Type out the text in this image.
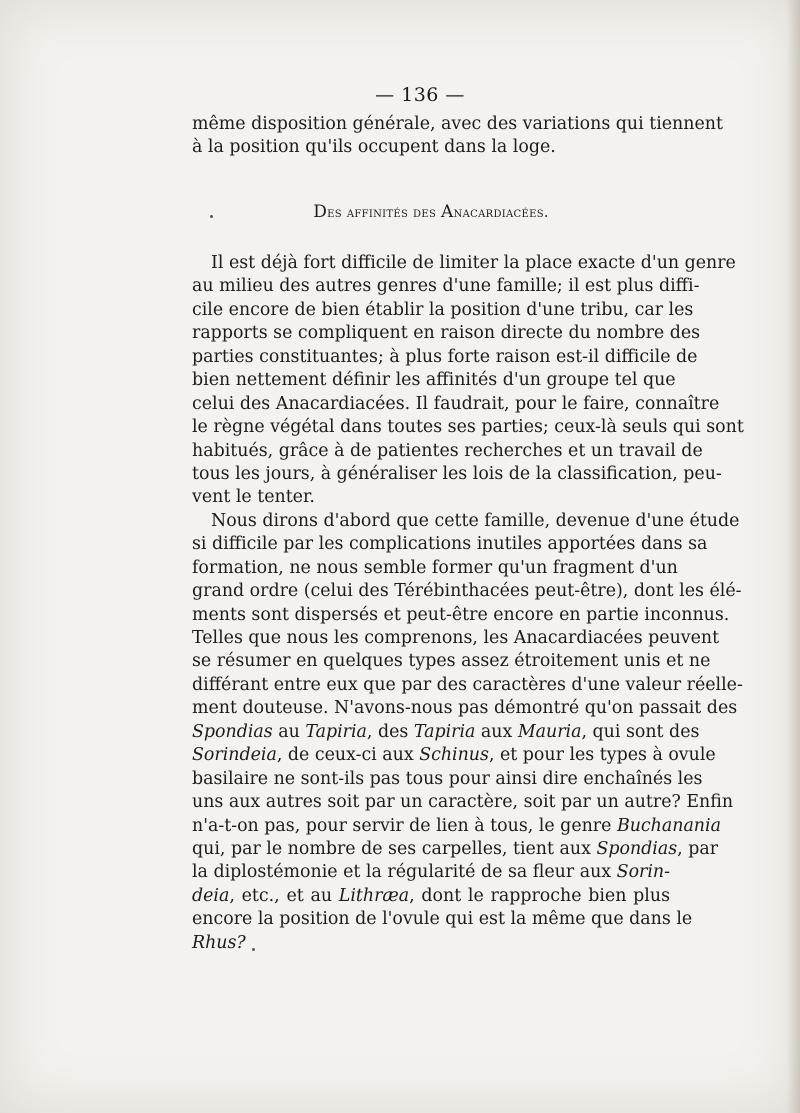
— 136 —
même disposition générale, avec des variations qui tiennent
à la position qu'ils occupent dans la loge.
Des affinités des Anacardiacées.
Il est déjà fort difficile de limiter la place exacte d'un genre
au milieu des autres genres d'une famille; il est plus diffi-
cile encore de bien établir la position d'une tribu, car les
rapports se compliquent en raison directe du nombre des
parties constituantes; à plus forte raison est-il difficile de
bien nettement définir les affinités d'un groupe tel que
celui des Anacardiacées. Il faudrait, pour le faire, connaître
le règne végétal dans toutes ses parties; ceux-là seuls qui sont
habitués, grâce à de patientes recherches et un travail de
tous les jours, à généraliser les lois de la classification, peu-
vent le tenter.
Nous dirons d'abord que cette famille, devenue d'une étude
si difficile par les complications inutiles apportées dans sa
formation, ne nous semble former qu'un fragment d'un
grand ordre (celui des Térébinthacées peut-être), dont les élé-
ments sont dispersés et peut-être encore en partie inconnus.
Telles que nous les comprenons, les Anacardiacées peuvent
se résumer en quelques types assez étroitement unis et ne
différant entre eux que par des caractères d'une valeur réelle-
ment douteuse. N'avons-nous pas démontré qu'on passait des
Spondias au Tapiria, des Tapiria aux Mauria, qui sont des
Sorindeia, de ceux-ci aux Schinus, et pour les types à ovule
basilaire ne sont-ils pas tous pour ainsi dire enchaînés les
uns aux autres soit par un caractère, soit par un autre? Enfin
n'a-t-on pas, pour servir de lien à tous, le genre Buchanania
qui, par le nombre de ses carpelles, tient aux Spondias, par
la diplostémonie et la régularité de sa fleur aux Sorin-
deia, etc., et au Lithræa, dont le rapproche bien plus
encore la position de l'ovule qui est la même que dans le
Rhus?
